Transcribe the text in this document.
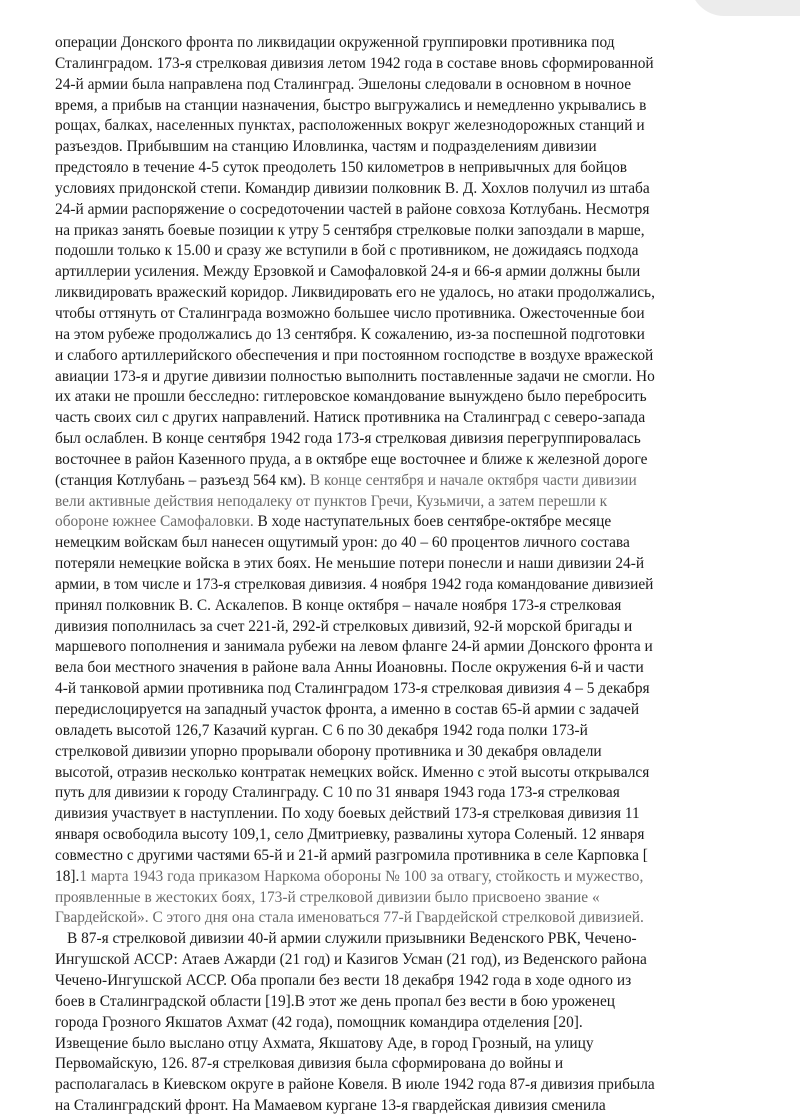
операции Донского фронта по ликвидации окруженной группировки противника под
Сталинградом. 173-я стрелковая дивизия летом 1942 года в составе вновь сформированной
24-й армии была направлена под Сталинград. Эшелоны следовали в основном в ночное
время, а прибыв на станции назначения, быстро выгружались и немедленно укрывались в
рощах, балках, населенных пунктах, расположенных вокруг железнодорожных станций и
разъездов. Прибывшим на станцию Иловлинка, частям и подразделениям дивизии
предстояло в течение 4-5 суток преодолеть 150 километров в непривычных для бойцов
условиях придонской степи. Командир дивизии полковник В. Д. Хохлов получил из штаба
24-й армии распоряжение о сосредоточении частей в районе совхоза Котлубань. Несмотря
на приказ занять боевые позиции к утру 5 сентября стрелковые полки запоздали в марше,
подошли только к 15.00 и сразу же вступили в бой с противником, не дожидаясь подхода
артиллерии усиления. Между Ерзовкой и Самофаловкой 24-я и 66-я армии должны были
ликвидировать вражеский коридор. Ликвидировать его не удалось, но атаки продолжались,
чтобы оттянуть от Сталинграда возможно большее число противника. Ожесточенные бои
на этом рубеже продолжались до 13 сентября. К сожалению, из-за поспешной подготовки
и слабого артиллерийского обеспечения и при постоянном господстве в воздухе вражеской
авиации 173-я и другие дивизии полностью выполнить поставленные задачи не смогли. Но
их атаки не прошли бесследно: гитлеровское командование вынуждено было перебросить
часть своих сил с других направлений. Натиск противника на Сталинград с северо-запада
был ослаблен. В конце сентября 1942 года 173-я стрелковая дивизия перегруппировалась
восточнее в район Казенного пруда, а в октябре еще восточнее и ближе к железной дороге
(станция Котлубань – разъезд 564 км). В конце сентября и начале октября части дивизии
вели активные действия неподалеку от пунктов Гречи, Кузьмичи, а затем перешли к
обороне южнее Самофаловки. В ходе наступательных боев сентябре-октябре месяце
немецким войскам был нанесен ощутимый урон: до 40 – 60 процентов личного состава
потеряли немецкие войска в этих боях. Не меньшие потери понесли и наши дивизии 24-й
армии, в том числе и 173-я стрелковая дивизия. 4 ноября 1942 года командование дивизией
принял полковник В. С. Аскалепов. В конце октября – начале ноября 173-я стрелковая
дивизия пополнилась за счет 221-й, 292-й стрелковых дивизий, 92-й морской бригады и
маршевого пополнения и занимала рубежи на левом фланге 24-й армии Донского фронта и
вела бои местного значения в районе вала Анны Иоановны. После окружения 6-й и части
4-й танковой армии противника под Сталинградом 173-я стрелковая дивизия 4 – 5 декабря
передислоцируется на западный участок фронта, а именно в состав 65-й армии с задачей
овладеть высотой 126,7 Казачий курган. С 6 по 30 декабря 1942 года полки 173-й
стрелковой дивизии упорно прорывали оборону противника и 30 декабря овладели
высотой, отразив несколько контратак немецких войск. Именно с этой высоты открывался
путь для дивизии к городу Сталинграду. С 10 по 31 января 1943 года 173-я стрелковая
дивизия участвует в наступлении. По ходу боевых действий 173-я стрелковая дивизия 11
января освободила высоту 109,1, село Дмитриевку, развалины хутора Соленый. 12 января
совместно с другими частями 65-й и 21-й армий разгромила противника в селе Карповка [
18].1 марта 1943 года приказом Наркома обороны № 100 за отвагу, стойкость и мужество,
проявленные в жестоких боях, 173-й стрелковой дивизии было присвоено звание «
Гвардейской». С этого дня она стала именоваться 77-й Гвардейской стрелковой дивизией.
В 87-я стрелковой дивизии 40-й армии служили призывники Веденского РВК, Чечено-
Ингушской АССР: Атаев Ажарди (21 год) и Казигов Усман (21 год), из Веденского района
Чечено-Ингушской АССР. Оба пропали без вести 18 декабря 1942 года в ходе одного из
боев в Сталинградской области [19].В этот же день пропал без вести в бою уроженец
города Грозного Якшатов Ахмат (42 года), помощник командира отделения [20].
Извещение было выслано отцу Ахмата, Якшатову Аде, в город Грозный, на улицу
Первомайскую, 126. 87-я стрелковая дивизия была сформирована до войны и
располагалась в Киевском округе в районе Ковеля. В июле 1942 года 87-я дивизия прибыла
на Сталинградский фронт. На Мамаевом кургане 13-я гвардейская дивизия сменила
